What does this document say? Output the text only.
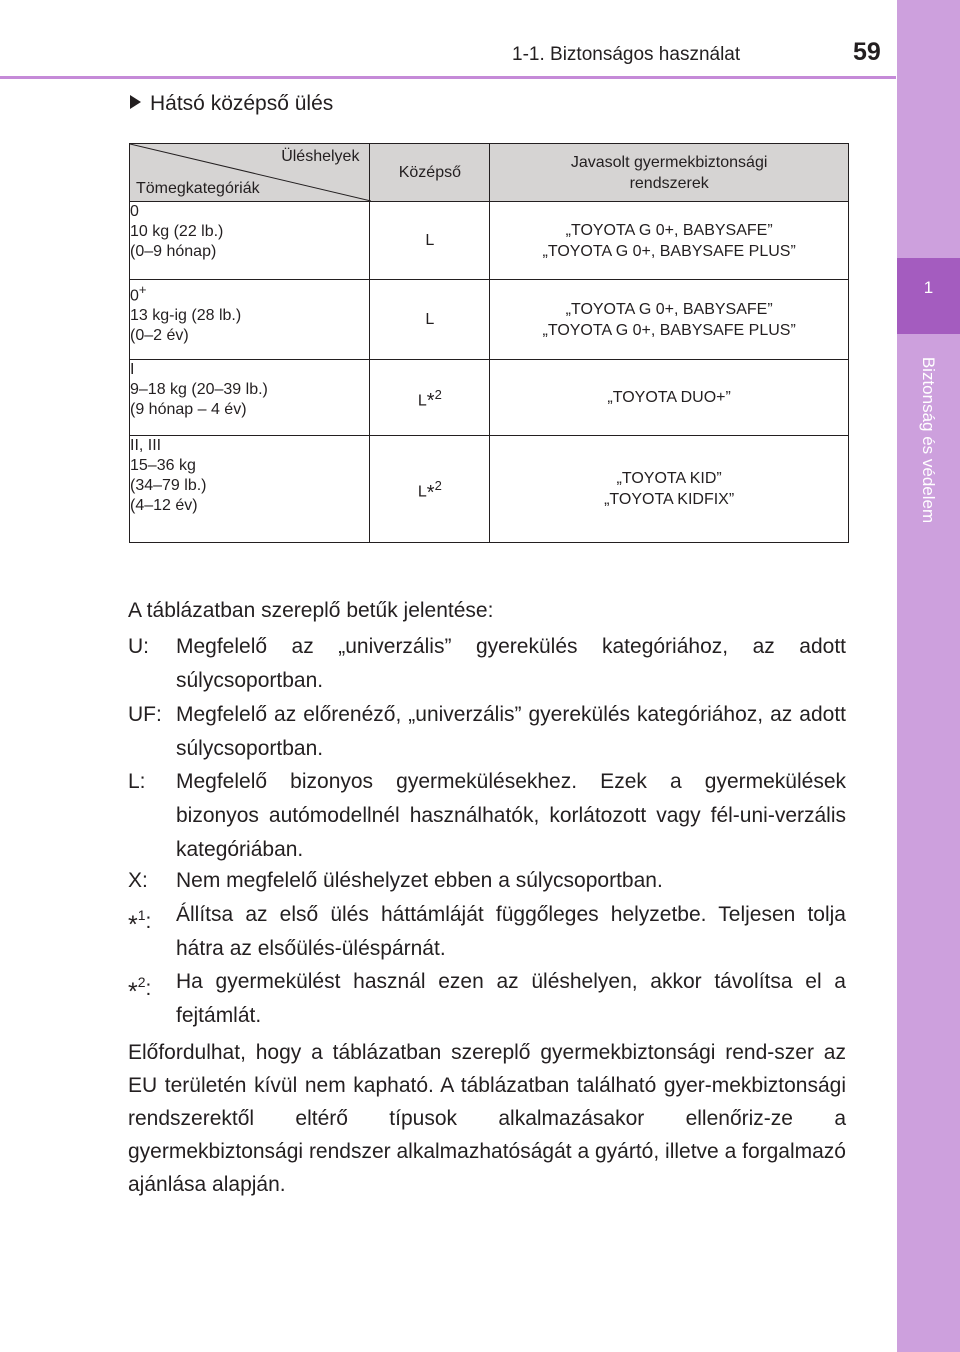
1-1. Biztonságos használat	59
1
Biztonság és védelem
Hátsó középső ülés
Üléshelyek
Tömegkategóriák	Középső	Javasolt gyermekbiztonsági rendszerek

0
10 kg (22 lb.)
(0–9 hónap)	L	„TOYOTA G 0+, BABYSAFE”
„TOYOTA G 0+, BABYSAFE PLUS”

0+
13 kg-ig (28 lb.)
(0–2 év)	L	„TOYOTA G 0+, BABYSAFE”
„TOYOTA G 0+, BABYSAFE PLUS”

I
9–18 kg (20–39 lb.)
(9 hónap – 4 év)	L*$^2$	„TOYOTA DUO+”

II, III
15–36 kg
(34–79 lb.)
(4–12 év)	L*$^2$	„TOYOTA KID”
„TOYOTA KIDFIX”
A táblázatban szereplő betűk jelentése:
U: Megfelelő az „univerzális” gyerekülés kategóriához, az adott súlycsoportban.
UF: Megfelelő az előrenéző, „univerzális” gyerekülés kategóriához, az adott súlycsoportban.
L: Megfelelő bizonyos gyermekülésekhez. Ezek a gyermekülések bizonyos autómodellnél használhatók, korlátozott vagy fél-uni-verzális kategóriában.
X: Nem megfelelő üléshelyzet ebben a súlycsoportban.
*$^1$: Állítsa az első ülés háttámláját függőleges helyzetbe. Teljesen tolja hátra az elsőülés-üléspárnát.
*$^2$: Ha gyermekülést használ ezen az üléshelyen, akkor távolítsa el a fejtámlát.
Előfordulhat, hogy a táblázatban szereplő gyermekbiztonsági rend-szer az EU területén kívül nem kapható. A táblázatban található gyer-mekbiztonsági rendszerektől eltérő típusok alkalmazásakor ellenőriz-ze a gyermekbiztonsági rendszer alkalmazhatóságát a gyártó, illetve a forgalmazó ajánlása alapján.
